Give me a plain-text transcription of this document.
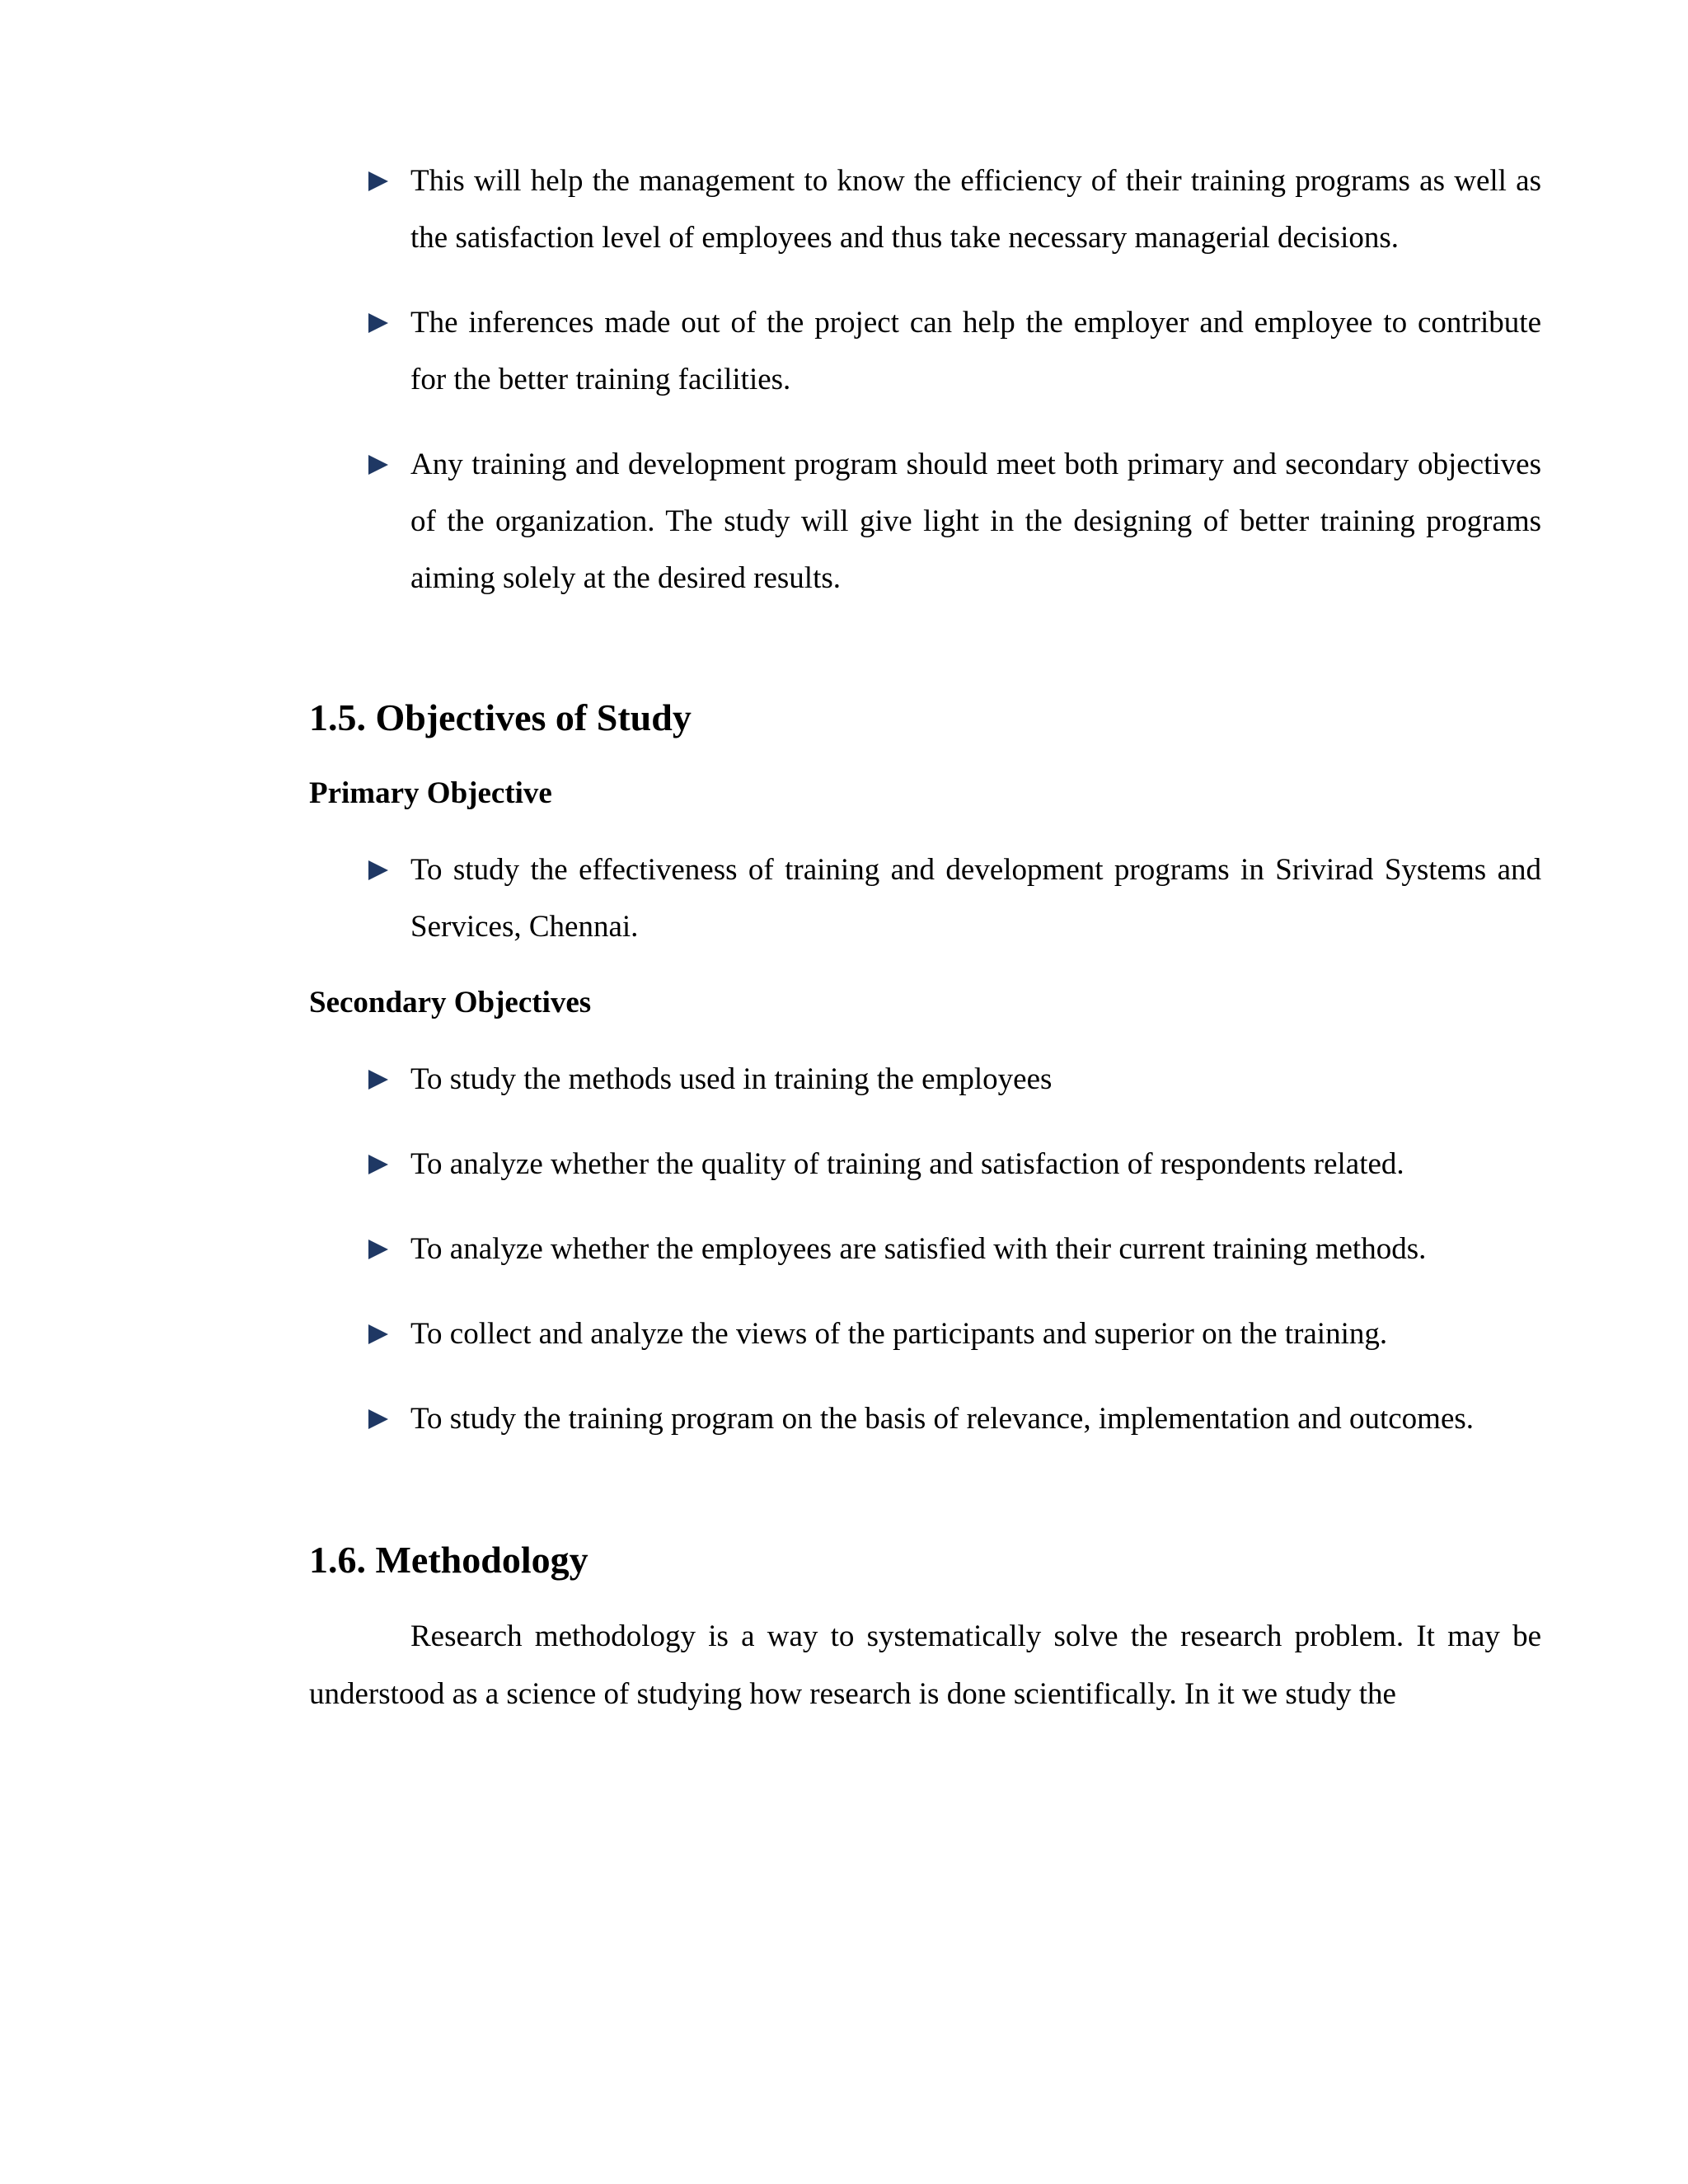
This will help the management to know the efficiency of their training programs as well as the satisfaction level of employees and thus take necessary managerial decisions.
The inferences made out of the project can help the employer and employee to contribute for the better training facilities.
Any training and development program should meet both primary and secondary objectives of the organization. The study will give light in the designing of better training programs aiming solely at the desired results.
1.5. Objectives of Study
Primary Objective
To study the effectiveness of training and development programs in Srivirad Systems and Services, Chennai.
Secondary Objectives
To study the methods used in training the employees
To analyze whether the quality of training and satisfaction of respondents related.
To analyze whether the employees are satisfied with their current training methods.
To collect and analyze the views of the participants and superior on the training.
To study the training program on the basis of relevance, implementation and outcomes.
1.6. Methodology

Research methodology is a way to systematically solve the research problem. It may be understood as a science of studying how research is done scientifically. In it we study the
